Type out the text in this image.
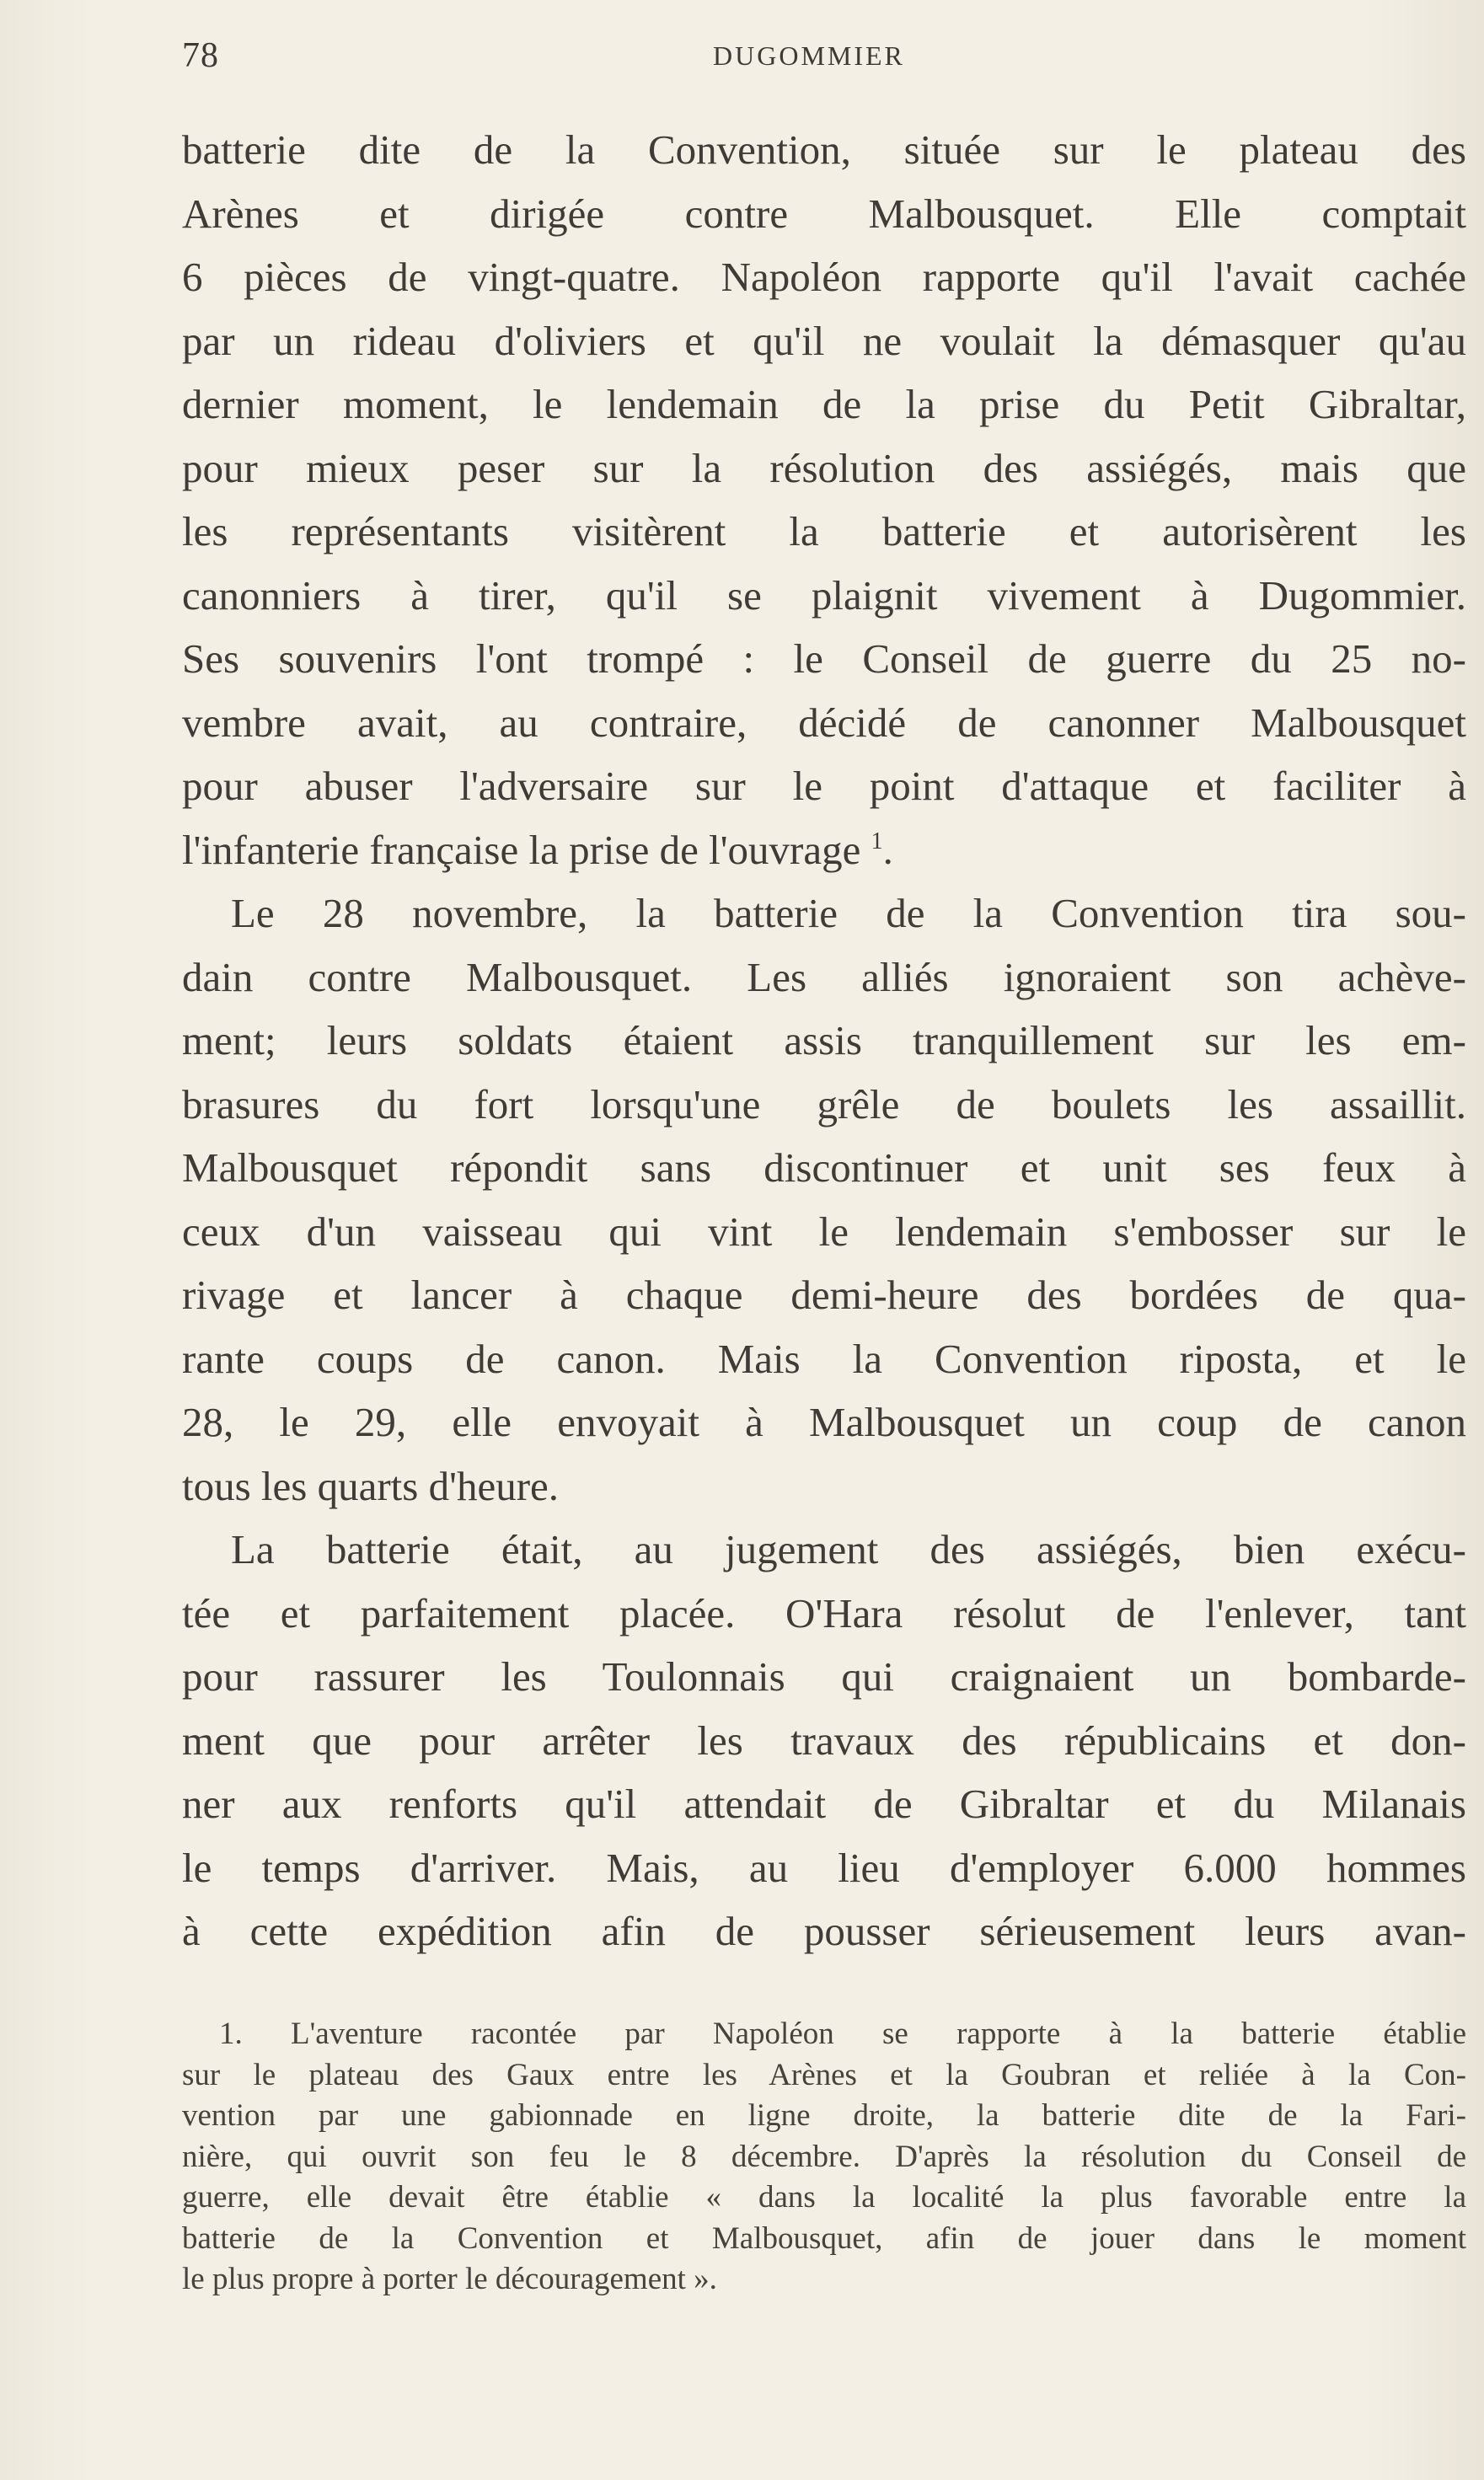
78	DUGOMMIER
batterie dite de la Convention, située sur le plateau des
Arènes et dirigée contre Malbousquet. Elle comptait
6 pièces de vingt-quatre. Napoléon rapporte qu'il l'avait cachée
par un rideau d'oliviers et qu'il ne voulait la démasquer qu'au
dernier moment, le lendemain de la prise du Petit Gibraltar,
pour mieux peser sur la résolution des assiégés, mais que
les représentants visitèrent la batterie et autorisèrent les
canonniers à tirer, qu'il se plaignit vivement à Dugommier.
Ses souvenirs l'ont trompé : le Conseil de guerre du 25 no-
vembre avait, au contraire, décidé de canonner Malbousquet
pour abuser l'adversaire sur le point d'attaque et faciliter à
l'infanterie française la prise de l'ouvrage $^1$.
Le 28 novembre, la batterie de la Convention tira sou-
dain contre Malbousquet. Les alliés ignoraient son achève-
ment; leurs soldats étaient assis tranquillement sur les em-
brasures du fort lorsqu'une grêle de boulets les assaillit.
Malbousquet répondit sans discontinuer et unit ses feux à
ceux d'un vaisseau qui vint le lendemain s'embosser sur le
rivage et lancer à chaque demi-heure des bordées de qua-
rante coups de canon. Mais la Convention riposta, et le
28, le 29, elle envoyait à Malbousquet un coup de canon
tous les quarts d'heure.
La batterie était, au jugement des assiégés, bien exécu-
tée et parfaitement placée. O'Hara résolut de l'enlever, tant
pour rassurer les Toulonnais qui craignaient un bombarde-
ment que pour arrêter les travaux des républicains et don-
ner aux renforts qu'il attendait de Gibraltar et du Milanais
le temps d'arriver. Mais, au lieu d'employer 6.000 hommes
à cette expédition afin de pousser sérieusement leurs avan-
1. L'aventure racontée par Napoléon se rapporte à la batterie établie
sur le plateau des Gaux entre les Arènes et la Goubran et reliée à la Con-
vention par une gabionnade en ligne droite, la batterie dite de la Fari-
nière, qui ouvrit son feu le 8 décembre. D'après la résolution du Conseil de
guerre, elle devait être établie « dans la localité la plus favorable entre la
batterie de la Convention et Malbousquet, afin de jouer dans le moment
le plus propre à porter le découragement ».
